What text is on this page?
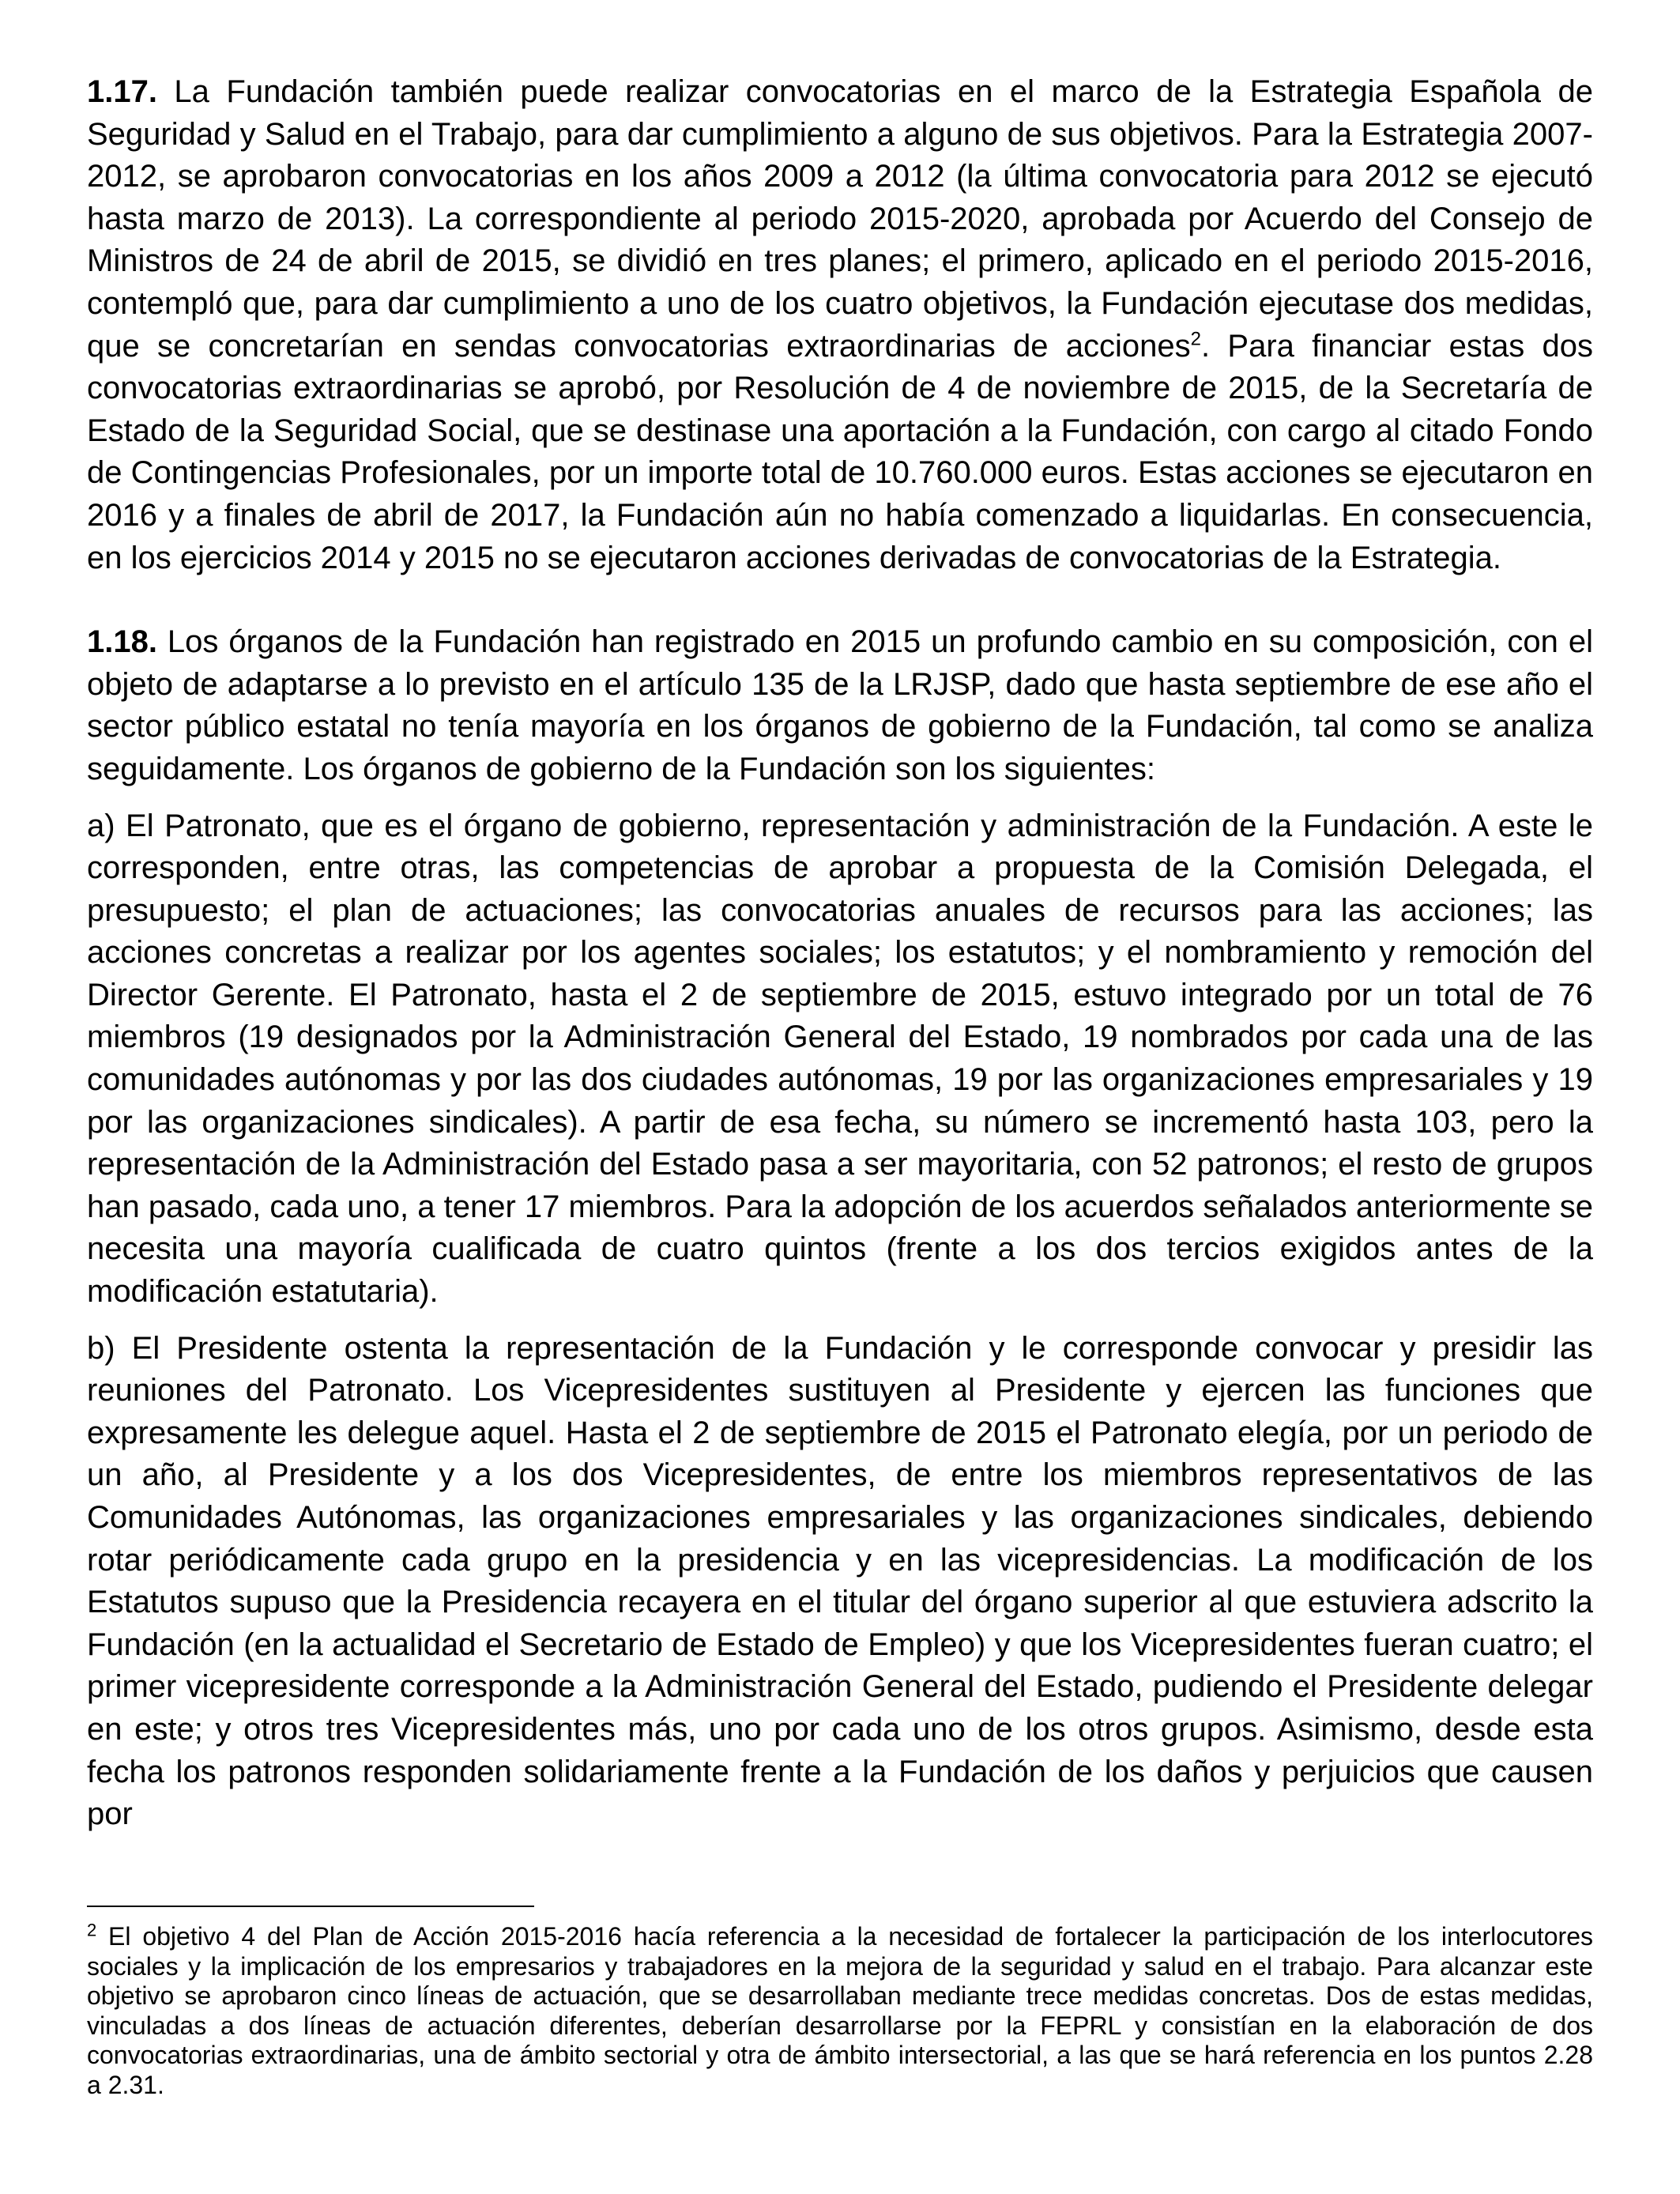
1.17. La Fundación también puede realizar convocatorias en el marco de la Estrategia Española de Seguridad y Salud en el Trabajo, para dar cumplimiento a alguno de sus objetivos. Para la Estrategia 2007-2012, se aprobaron convocatorias en los años 2009 a 2012 (la última convocatoria para 2012 se ejecutó hasta marzo de 2013). La correspondiente al periodo 2015-2020, aprobada por Acuerdo del Consejo de Ministros de 24 de abril de 2015, se dividió en tres planes; el primero, aplicado en el periodo 2015-2016, contempló que, para dar cumplimiento a uno de los cuatro objetivos, la Fundación ejecutase dos medidas, que se concretarían en sendas convocatorias extraordinarias de acciones$^2$. Para financiar estas dos convocatorias extraordinarias se aprobó, por Resolución de 4 de noviembre de 2015, de la Secretaría de Estado de la Seguridad Social, que se destinase una aportación a la Fundación, con cargo al citado Fondo de Contingencias Profesionales, por un importe total de 10.760.000 euros. Estas acciones se ejecutaron en 2016 y a finales de abril de 2017, la Fundación aún no había comenzado a liquidarlas. En consecuencia, en los ejercicios 2014 y 2015 no se ejecutaron acciones derivadas de convocatorias de la Estrategia.

1.18. Los órganos de la Fundación han registrado en 2015 un profundo cambio en su composición, con el objeto de adaptarse a lo previsto en el artículo 135 de la LRJSP, dado que hasta septiembre de ese año el sector público estatal no tenía mayoría en los órganos de gobierno de la Fundación, tal como se analiza seguidamente. Los órganos de gobierno de la Fundación son los siguientes:

a) El Patronato, que es el órgano de gobierno, representación y administración de la Fundación. A este le corresponden, entre otras, las competencias de aprobar a propuesta de la Comisión Delegada, el presupuesto; el plan de actuaciones; las convocatorias anuales de recursos para las acciones; las acciones concretas a realizar por los agentes sociales; los estatutos; y el nombramiento y remoción del Director Gerente. El Patronato, hasta el 2 de septiembre de 2015, estuvo integrado por un total de 76 miembros (19 designados por la Administración General del Estado, 19 nombrados por cada una de las comunidades autónomas y por las dos ciudades autónomas, 19 por las organizaciones empresariales y 19 por las organizaciones sindicales). A partir de esa fecha, su número se incrementó hasta 103, pero la representación de la Administración del Estado pasa a ser mayoritaria, con 52 patronos; el resto de grupos han pasado, cada uno, a tener 17 miembros. Para la adopción de los acuerdos señalados anteriormente se necesita una mayoría cualificada de cuatro quintos (frente a los dos tercios exigidos antes de la modificación estatutaria).

b) El Presidente ostenta la representación de la Fundación y le corresponde convocar y presidir las reuniones del Patronato. Los Vicepresidentes sustituyen al Presidente y ejercen las funciones que expresamente les delegue aquel. Hasta el 2 de septiembre de 2015 el Patronato elegía, por un periodo de un año, al Presidente y a los dos Vicepresidentes, de entre los miembros representativos de las Comunidades Autónomas, las organizaciones empresariales y las organizaciones sindicales, debiendo rotar periódicamente cada grupo en la presidencia y en las vicepresidencias. La modificación de los Estatutos supuso que la Presidencia recayera en el titular del órgano superior al que estuviera adscrito la Fundación (en la actualidad el Secretario de Estado de Empleo) y que los Vicepresidentes fueran cuatro; el primer vicepresidente corresponde a la Administración General del Estado, pudiendo el Presidente delegar en este; y otros tres Vicepresidentes más, uno por cada uno de los otros grupos. Asimismo, desde esta fecha los patronos responden solidariamente frente a la Fundación de los daños y perjuicios que causen por

$^2$ El objetivo 4 del Plan de Acción 2015-2016 hacía referencia a la necesidad de fortalecer la participación de los interlocutores sociales y la implicación de los empresarios y trabajadores en la mejora de la seguridad y salud en el trabajo. Para alcanzar este objetivo se aprobaron cinco líneas de actuación, que se desarrollaban mediante trece medidas concretas. Dos de estas medidas, vinculadas a dos líneas de actuación diferentes, deberían desarrollarse por la FEPRL y consistían en la elaboración de dos convocatorias extraordinarias, una de ámbito sectorial y otra de ámbito intersectorial, a las que se hará referencia en los puntos 2.28 a 2.31.
